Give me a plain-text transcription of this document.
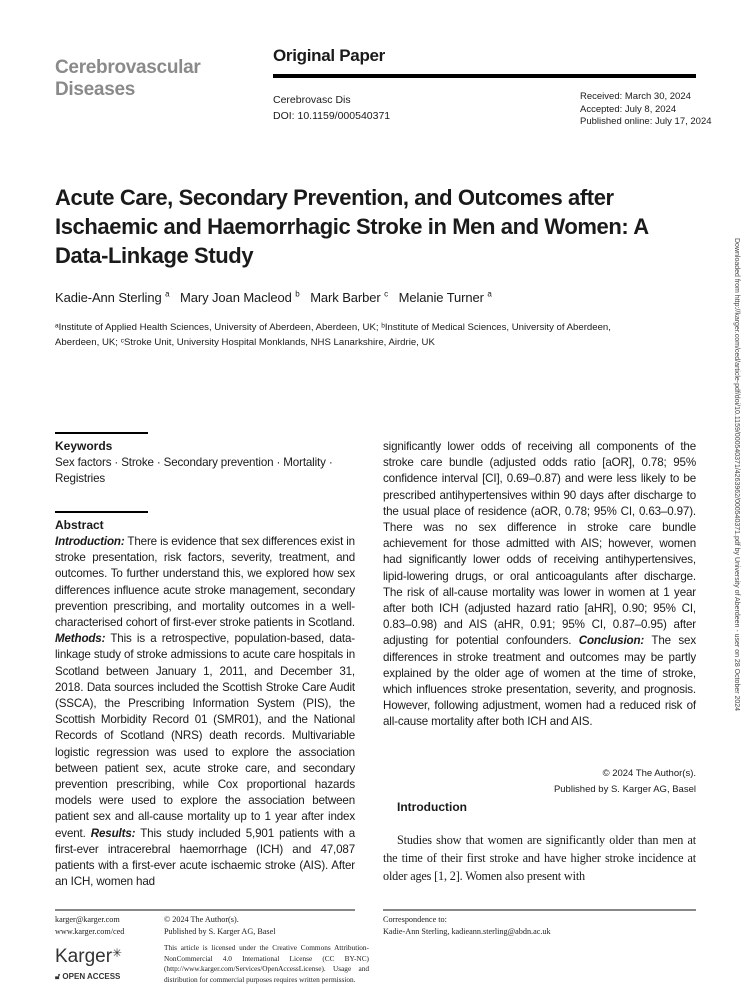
Cerebrovascular
Diseases
Original Paper
Cerebrovasc Dis
DOI: 10.1159/000540371
Received: March 30, 2024
Accepted: July 8, 2024
Published online: July 17, 2024
Acute Care, Secondary Prevention, and Outcomes after Ischaemic and Haemorrhagic Stroke in Men and Women: A Data-Linkage Study
Kadie-Ann Sterling $^a$ Mary Joan Macleod $^b$ Mark Barber $^c$ Melanie Turner $^a$
ᵃInstitute of Applied Health Sciences, University of Aberdeen, Aberdeen, UK; ᵇInstitute of Medical Sciences, University of Aberdeen, Aberdeen, UK; ᶜStroke Unit, University Hospital Monklands, NHS Lanarkshire, Airdrie, UK
Keywords
Sex factors · Stroke · Secondary prevention · Mortality · Registries
Abstract
Introduction: There is evidence that sex differences exist in stroke presentation, risk factors, severity, treatment, and outcomes. To further understand this, we explored how sex differences influence acute stroke management, secondary prevention prescribing, and mortality outcomes in a well-characterised cohort of first-ever stroke patients in Scotland. Methods: This is a retrospective, population-based, data-linkage study of stroke admissions to acute care hospitals in Scotland between January 1, 2011, and December 31, 2018. Data sources included the Scottish Stroke Care Audit (SSCA), the Prescribing Information System (PIS), the Scottish Morbidity Record 01 (SMR01), and the National Records of Scotland (NRS) death records. Multivariable logistic regression was used to explore the association between patient sex, acute stroke care, and secondary prevention prescribing, while Cox proportional hazards models were used to explore the association between patient sex and all-cause mortality up to 1 year after index event. Results: This study included 5,901 patients with a first-ever intracerebral haemorrhage (ICH) and 47,087 patients with a first-ever acute ischaemic stroke (AIS). After an ICH, women had
significantly lower odds of receiving all components of the stroke care bundle (adjusted odds ratio [aOR], 0.78; 95% confidence interval [CI], 0.69–0.87) and were less likely to be prescribed antihypertensives within 90 days after discharge to the usual place of residence (aOR, 0.78; 95% CI, 0.63–0.97). There was no sex difference in stroke care bundle achievement for those admitted with AIS; however, women had significantly lower odds of receiving antihypertensives, lipid-lowering drugs, or oral anticoagulants after discharge. The risk of all-cause mortality was lower in women at 1 year after both ICH (adjusted hazard ratio [aHR], 0.90; 95% CI, 0.83–0.98) and AIS (aHR, 0.91; 95% CI, 0.87–0.95) after adjusting for potential confounders. Conclusion: The sex differences in stroke treatment and outcomes may be partly explained by the older age of women at the time of stroke, which influences stroke presentation, severity, and prognosis. However, following adjustment, women had a reduced risk of all-cause mortality after both ICH and AIS.
© 2024 The Author(s).
Published by S. Karger AG, Basel
Introduction
Studies show that women are significantly older than men at the time of their first stroke and have higher stroke incidence at older ages [1, 2]. Women also present with
Downloaded from http://karger.com/ced/article-pdf/doi/10.1159/000540371/4263962/000540371.pdf by University of Aberdeen - user on 28 October 2024
karger@karger.com
www.karger.com/ced
© 2024 The Author(s).
Published by S. Karger AG, Basel
This article is licensed under the Creative Commons Attribution-NonCommercial 4.0 International License (CC BY-NC) (http://www.karger.com/Services/OpenAccessLicense). Usage and distribution for commercial purposes requires written permission.
Karger✳
🔓︎ OPEN ACCESS
Correspondence to:
Kadie-Ann Sterling, kadieann.sterling@abdn.ac.uk
